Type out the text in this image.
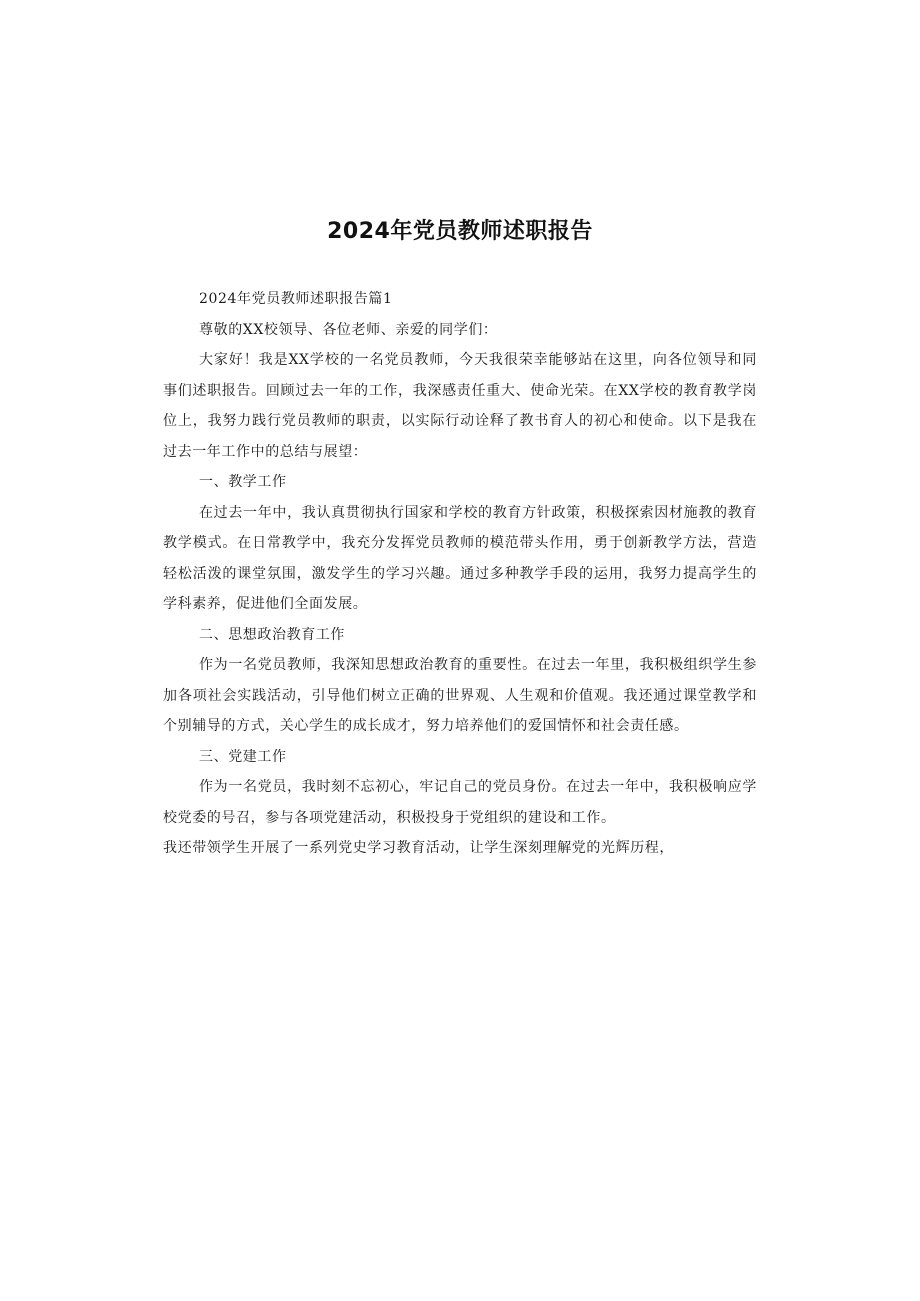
2024年党员教师述职报告

2024年党员教师述职报告篇1

尊敬的XX校领导、各位老师、亲爱的同学们：

大家好！我是XX学校的一名党员教师，今天我很荣幸能够站在这里，向各位领导和同事们述职报告。回顾过去一年的工作，我深感责任重大、使命光荣。在XX学校的教育教学岗位上，我努力践行党员教师的职责，以实际行动诠释了教书育人的初心和使命。以下是我在过去一年工作中的总结与展望：

一、教学工作

在过去一年中，我认真贯彻执行国家和学校的教育方针政策，积极探索因材施教的教育教学模式。在日常教学中，我充分发挥党员教师的模范带头作用，勇于创新教学方法，营造轻松活泼的课堂氛围，激发学生的学习兴趣。通过多种教学手段的运用，我努力提高学生的学科素养，促进他们全面发展。

二、思想政治教育工作

作为一名党员教师，我深知思想政治教育的重要性。在过去一年里，我积极组织学生参加各项社会实践活动，引导他们树立正确的世界观、人生观和价值观。我还通过课堂教学和个别辅导的方式，关心学生的成长成才，努力培养他们的爱国情怀和社会责任感。

三、党建工作

作为一名党员，我时刻不忘初心，牢记自己的党员身份。在过去一年中，我积极响应学校党委的号召，参与各项党建活动，积极投身于党组织的建设和工作。

我还带领学生开展了一系列党史学习教育活动，让学生深刻理解党的光辉历程，
